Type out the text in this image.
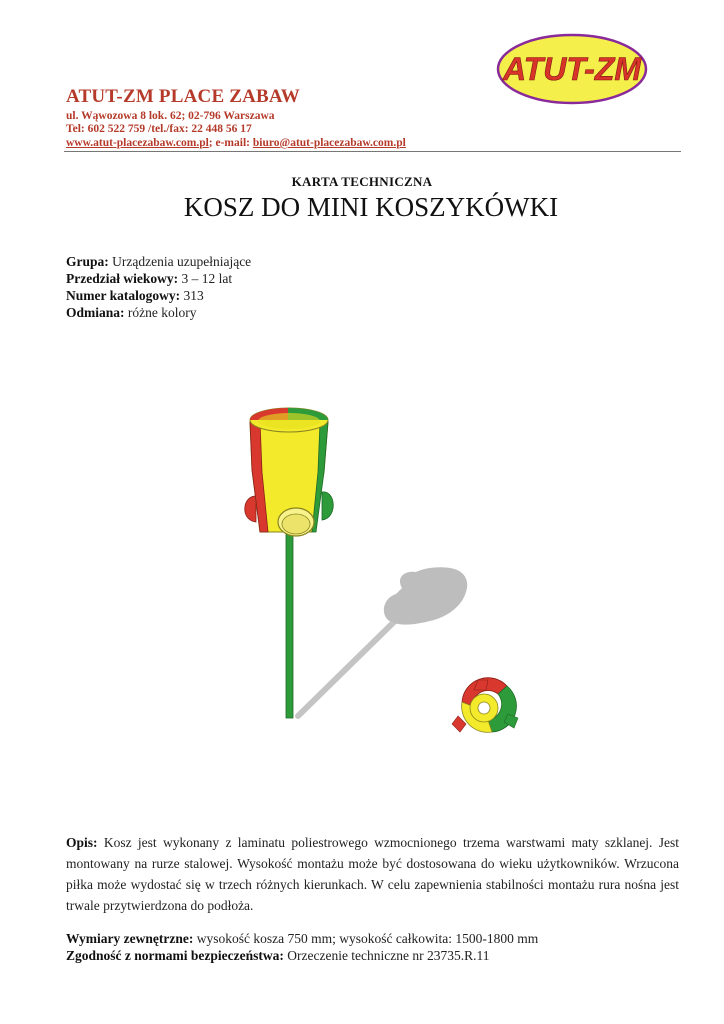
ATUT-ZM PLACE ZABAW
ul. Wąwozowa 8 lok. 62; 02-796 Warszawa
Tel: 602 522 759 /tel./fax: 22 448 56 17
www.atut-placezabaw.com.pl; e-mail: biuro@atut-placezabaw.com.pl
ATUT-ZM
KARTA TECHNICZNA
KOSZ DO MINI KOSZYKÓWKI
Grupa: Urządzenia uzupełniające
Przedział wiekowy: 3 – 12 lat
Numer katalogowy: 313
Odmiana: różne kolory
Opis: Kosz jest wykonany z laminatu poliestrowego wzmocnionego trzema warstwami maty szklanej. Jest montowany na rurze stalowej. Wysokość montażu może być dostosowana do wieku użytkowników. Wrzucona piłka może wydostać się w trzech różnych kierunkach. W celu zapewnienia stabilności montażu rura nośna jest trwale przytwierdzona do podłoża.
Wymiary zewnętrzne: wysokość kosza 750 mm; wysokość całkowita: 1500-1800 mm
Zgodność z normami bezpieczeństwa: Orzeczenie techniczne nr 23735.R.11
